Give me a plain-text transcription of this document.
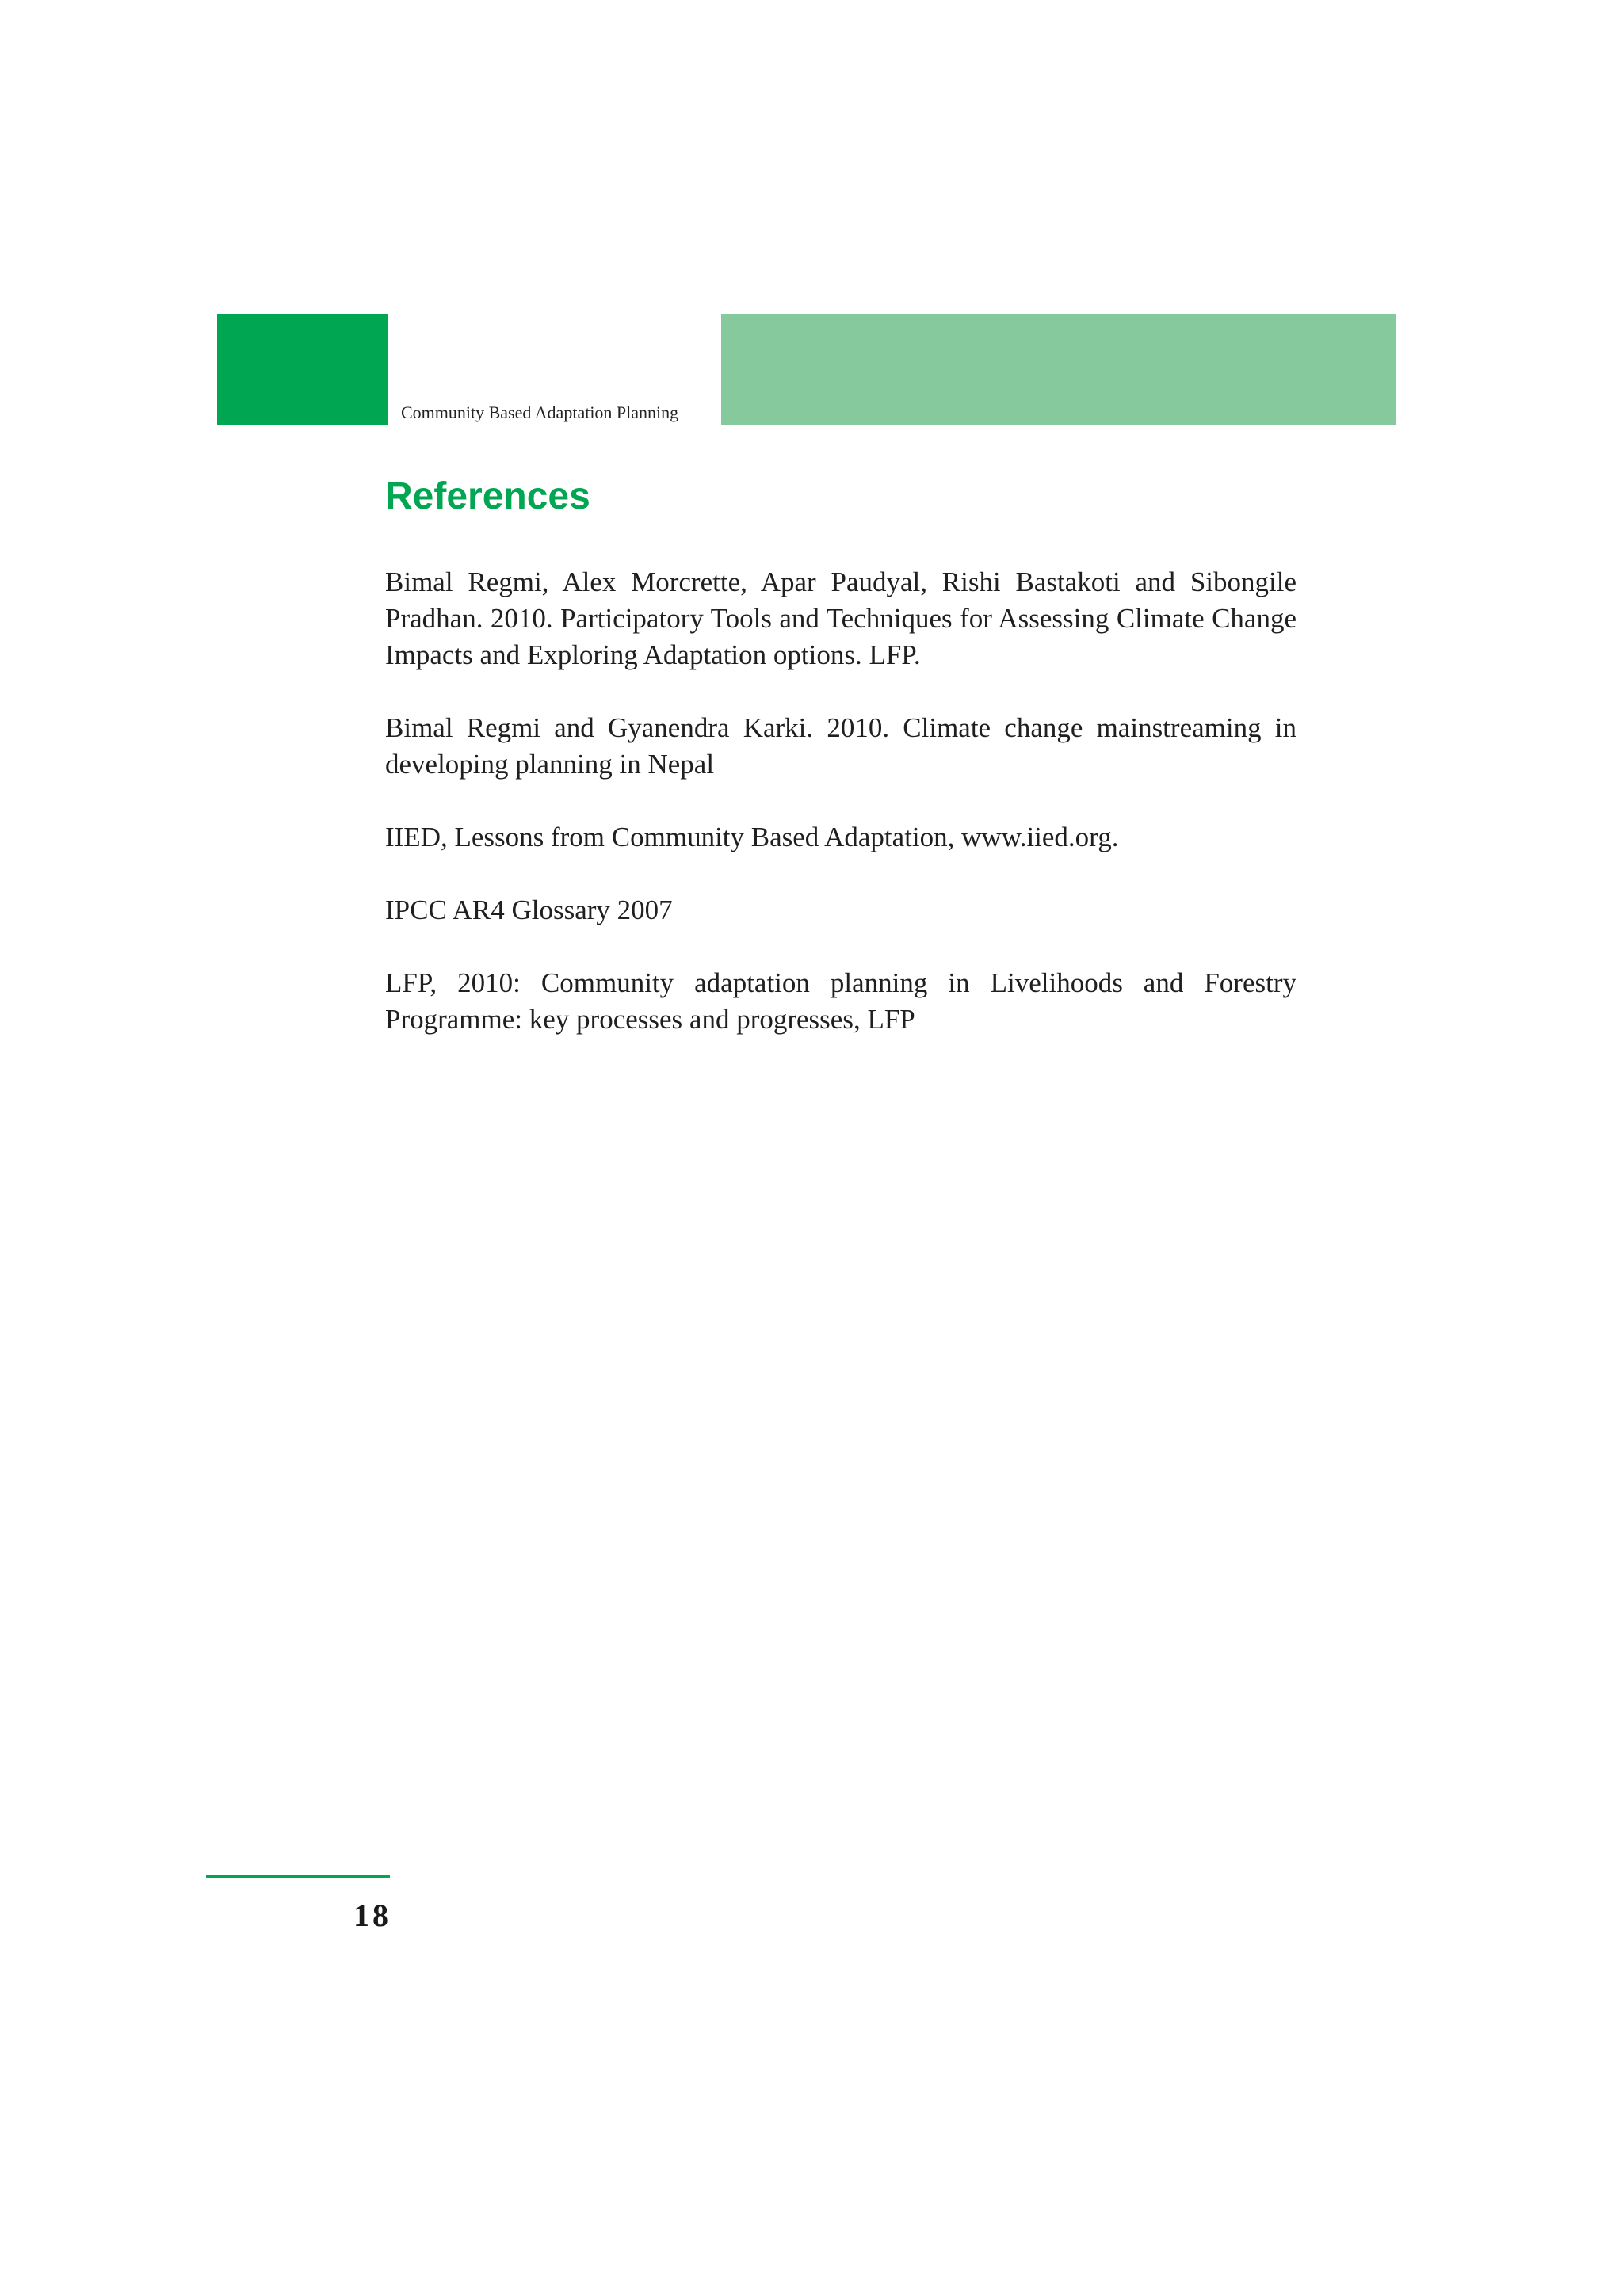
Community Based Adaptation Planning
References
Bimal Regmi, Alex Morcrette, Apar Paudyal, Rishi Bastakoti and Sibongile Pradhan. 2010. Participatory Tools and Techniques for Assessing Climate Change Impacts and Exploring Adaptation options. LFP.
Bimal Regmi and Gyanendra Karki. 2010. Climate change mainstreaming in developing planning in Nepal
IIED, Lessons from Community Based Adaptation, www.iied.org.
IPCC AR4 Glossary 2007
LFP, 2010: Community adaptation planning in Livelihoods and Forestry Programme: key processes and progresses, LFP
18
